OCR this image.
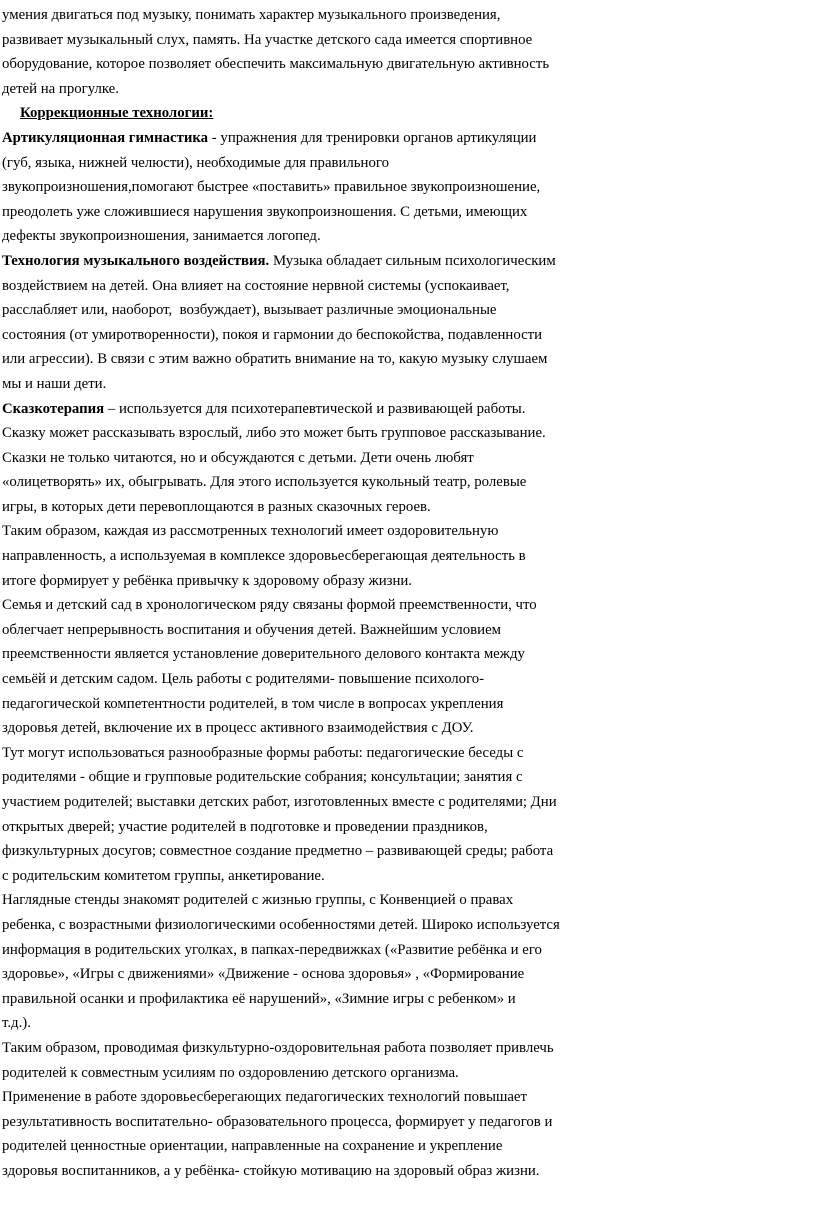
умения двигаться под музыку, понимать характер музыкального произведения,
развивает музыкальный слух, память. На участке детского сада имеется спортивное
оборудование, которое позволяет обеспечить максимальную двигательную активность
детей на прогулке.
Коррекционные технологии:
Артикуляционная гимнастика - упражнения для тренировки органов артикуляции
(губ, языка, нижней челюсти), необходимые для правильного
звукопроизношения,помогают быстрее «поставить» правильное звукопроизношение,
преодолеть уже сложившиеся нарушения звукопроизношения. С детьми, имеющих
дефекты звукопроизношения, занимается логопед.
Технология музыкального воздействия. Музыка обладает сильным психологическим
воздействием на детей. Она влияет на состояние нервной системы (успокаивает,
расслабляет или, наоборот,  возбуждает), вызывает различные эмоциональные
состояния (от умиротворенности), покоя и гармонии до беспокойства, подавленности
или агрессии). В связи с этим важно обратить внимание на то, какую музыку слушаем
мы и наши дети.
Сказкотерапия – используется для психотерапевтической и развивающей работы.
Сказку может рассказывать взрослый, либо это может быть групповое рассказывание.
Сказки не только читаются, но и обсуждаются с детьми. Дети очень любят
«олицетворять» их, обыгрывать. Для этого используется кукольный театр, ролевые
игры, в которых дети перевоплощаются в разных сказочных героев.
Таким образом, каждая из рассмотренных технологий имеет оздоровительную
направленность, а используемая в комплексе здоровьесберегающая деятельность в
итоге формирует у ребёнка привычку к здоровому образу жизни.
Семья и детский сад в хронологическом ряду связаны формой преемственности, что
облегчает непрерывность воспитания и обучения детей. Важнейшим условием
преемственности является установление доверительного делового контакта между
семьёй и детским садом. Цель работы с родителями- повышение психолого-
педагогической компетентности родителей, в том числе в вопросах укрепления
здоровья детей, включение их в процесс активного взаимодействия с ДОУ.
Тут могут использоваться разнообразные формы работы: педагогические беседы с
родителями - общие и групповые родительские собрания; консультации; занятия с
участием родителей; выставки детских работ, изготовленных вместе с родителями; Дни
открытых дверей; участие родителей в подготовке и проведении праздников,
физкультурных досугов; совместное создание предметно – развивающей среды; работа
с родительским комитетом группы, анкетирование.
Наглядные стенды знакомят родителей с жизнью группы, с Конвенцией о правах
ребенка, с возрастными физиологическими особенностями детей. Широко используется
информация в родительских уголках, в папках-передвижках («Развитие ребёнка и его
здоровье», «Игры с движениями» «Движение - основа здоровья» , «Формирование
правильной осанки и профилактика её нарушений», «Зимние игры с ребенком» и
т.д.).
Таким образом, проводимая физкультурно-оздоровительная работа позволяет привлечь
родителей к совместным усилиям по оздоровлению детского организма.
Применение в работе здоровьесберегающих педагогических технологий повышает
результативность воспитательно- образовательного процесса, формирует у педагогов и
родителей ценностные ориентации, направленные на сохранение и укрепление
здоровья воспитанников, а у ребёнка- стойкую мотивацию на здоровый образ жизни.
